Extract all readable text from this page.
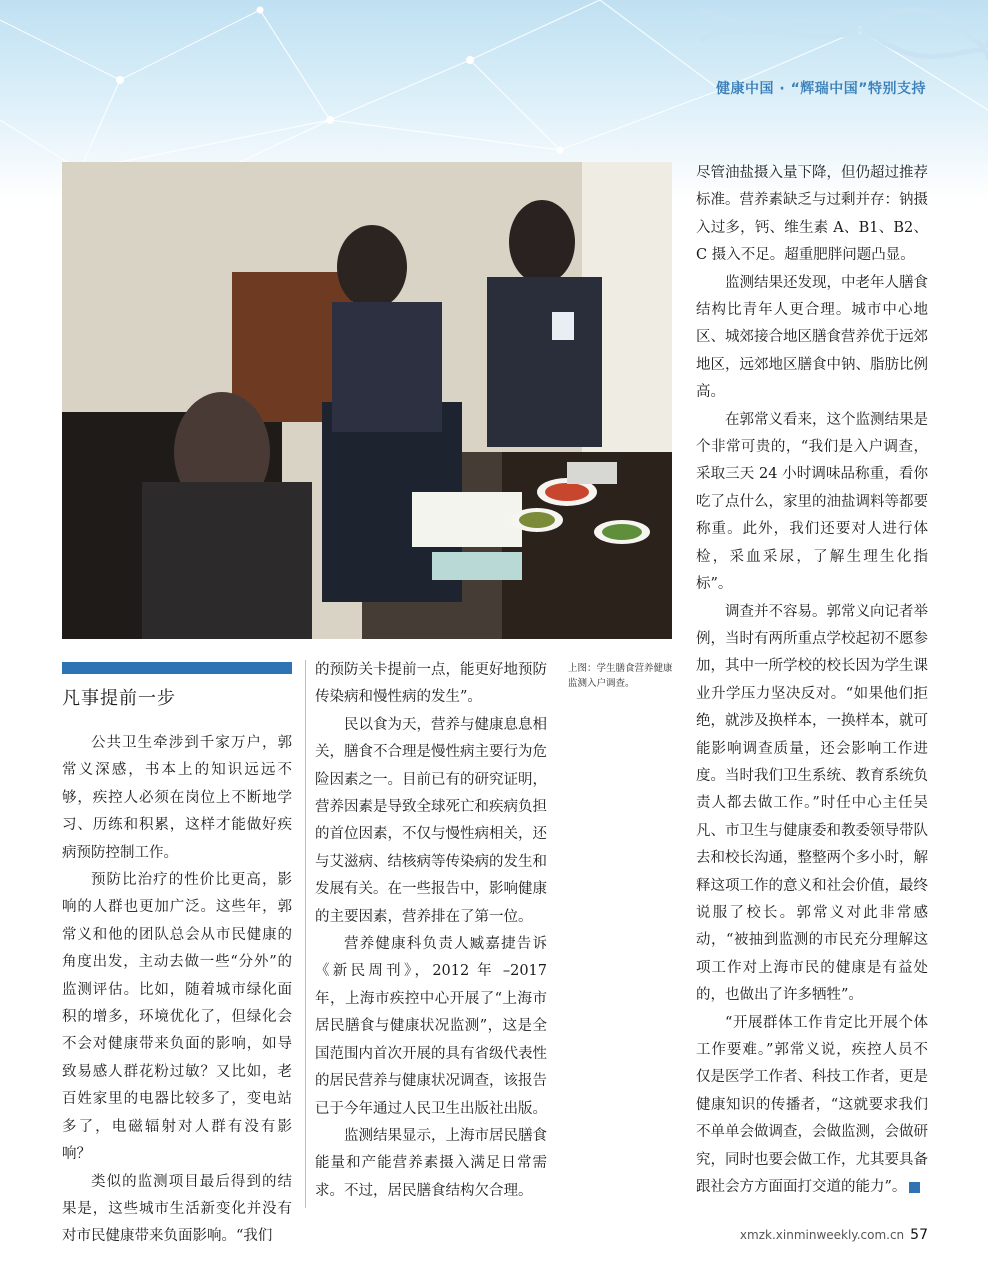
健康中国 · “辉瑞中国”特别支持
凡事提前一步
上图：学生膳食营养健康监测入户调查。

公共卫生牵涉到千家万户，郭常义深感，书本上的知识远远不够，疾控人必须在岗位上不断地学习、历练和积累，这样才能做好疾病预防控制工作。

预防比治疗的性价比更高，影响的人群也更加广泛。这些年，郭常义和他的团队总会从市民健康的角度出发，主动去做一些“分外”的监测评估。比如，随着城市绿化面积的增多，环境优化了，但绿化会不会对健康带来负面的影响，如导致易感人群花粉过敏？又比如，老百姓家里的电器比较多了，变电站多了，电磁辐射对人群有没有影响？

类似的监测项目最后得到的结果是，这些城市生活新变化并没有对市民健康带来负面影响。“我们

的预防关卡提前一点，能更好地预防传染病和慢性病的发生”。

民以食为天，营养与健康息息相关，膳食不合理是慢性病主要行为危险因素之一。目前已有的研究证明，营养因素是导致全球死亡和疾病负担的首位因素，不仅与慢性病相关，还与艾滋病、结核病等传染病的发生和发展有关。在一些报告中，影响健康的主要因素，营养排在了第一位。

营养健康科负责人臧嘉捷告诉《新民周刊》，2012 年 –2017 年，上海市疾控中心开展了“上海市居民膳食与健康状况监测”，这是全国范围内首次开展的具有省级代表性的居民营养与健康状况调查，该报告已于今年通过人民卫生出版社出版。

监测结果显示，上海市居民膳食能量和产能营养素摄入满足日常需求。不过，居民膳食结构欠合理。

尽管油盐摄入量下降，但仍超过推荐标准。营养素缺乏与过剩并存：钠摄入过多，钙、维生素 A、B1、B2、C 摄入不足。超重肥胖问题凸显。

监测结果还发现，中老年人膳食结构比青年人更合理。城市中心地区、城郊接合地区膳食营养优于远郊地区，远郊地区膳食中钠、脂肪比例高。

在郭常义看来，这个监测结果是个非常可贵的，“我们是入户调查，采取三天 24 小时调味品称重，看你吃了点什么，家里的油盐调料等都要称重。此外，我们还要对人进行体检，采血采尿，了解生理生化指标”。

调查并不容易。郭常义向记者举例，当时有两所重点学校起初不愿参加，其中一所学校的校长因为学生课业升学压力坚决反对。“如果他们拒绝，就涉及换样本，一换样本，就可能影响调查质量，还会影响工作进度。当时我们卫生系统、教育系统负责人都去做工作。”时任中心主任吴凡、市卫生与健康委和教委领导带队去和校长沟通，整整两个多小时，解释这项工作的意义和社会价值，最终说服了校长。郭常义对此非常感动，“被抽到监测的市民充分理解这项工作对上海市民的健康是有益处的，也做出了许多牺牲”。

“开展群体工作肯定比开展个体工作要难。”郭常义说，疾控人员不仅是医学工作者、科技工作者，更是健康知识的传播者，“这就要求我们不单单会做调查，会做监测，会做研究，同时也要会做工作，尤其要具备跟社会方方面面打交道的能力”。	民

xmzk.xinminweekly.com.cn 57
